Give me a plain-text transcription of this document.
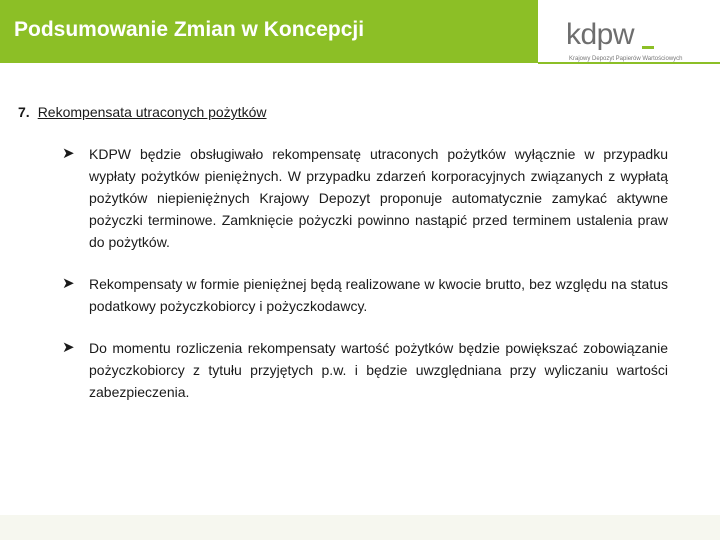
Podsumowanie Zmian w Koncepcji	kdpw
Krajowy Depozyt Papierów Wartościowych
7. Rekompensata utraconych pożytków
➤ KDPW będzie obsługiwało rekompensatę utraconych pożytków wyłącznie w przypadku wypłaty pożytków pieniężnych. W przypadku zdarzeń korporacyjnych związanych z wypłatą pożytków niepieniężnych Krajowy Depozyt proponuje automatycznie zamykać aktywne pożyczki terminowe. Zamknięcie pożyczki powinno nastąpić przed terminem ustalenia praw do pożytków.
➤ Rekompensaty w formie pieniężnej będą realizowane w kwocie brutto, bez względu na status podatkowy pożyczkobiorcy i pożyczkodawcy.
➤ Do momentu rozliczenia rekompensaty wartość pożytków będzie powiększać zobowiązanie pożyczkobiorcy z tytułu przyjętych p.w. i będzie uwzględniana przy wyliczaniu wartości zabezpieczenia.
